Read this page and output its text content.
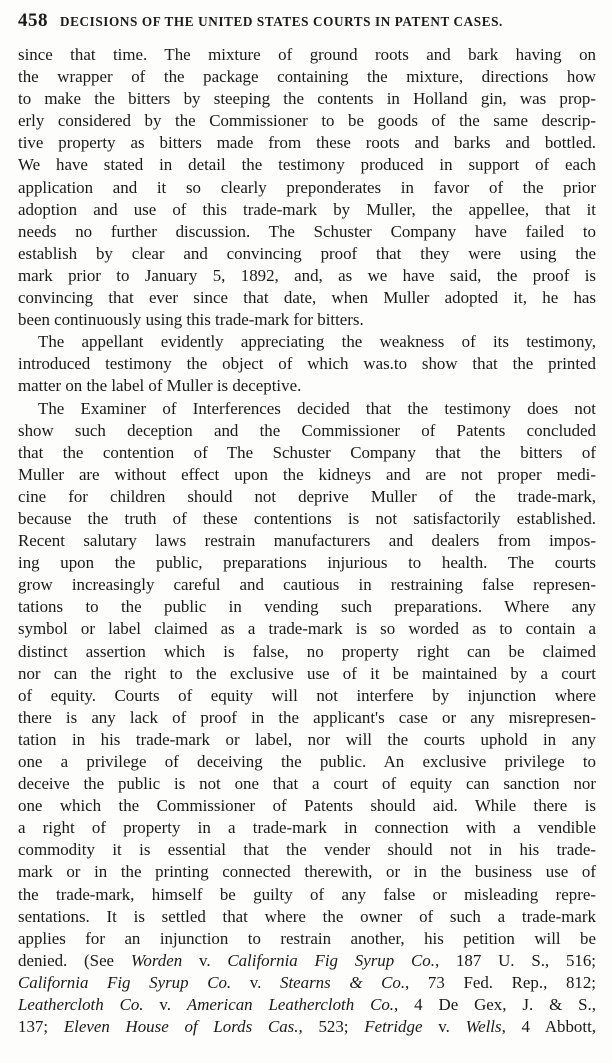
458 DECISIONS OF THE UNITED STATES COURTS IN PATENT CASES.
since that time. The mixture of ground roots and bark having on
the wrapper of the package containing the mixture, directions how
to make the bitters by steeping the contents in Holland gin, was prop-
erly considered by the Commissioner to be goods of the same descrip-
tive property as bitters made from these roots and barks and bottled.
We have stated in detail the testimony produced in support of each
application and it so clearly preponderates in favor of the prior
adoption and use of this trade-mark by Muller, the appellee, that it
needs no further discussion. The Schuster Company have failed to
establish by clear and convincing proof that they were using the
mark prior to January 5, 1892, and, as we have said, the proof is
convincing that ever since that date, when Muller adopted it, he has
been continuously using this trade-mark for bitters.
The appellant evidently appreciating the weakness of its testimony,
introduced testimony the object of which was.to show that the printed
matter on the label of Muller is deceptive.
The Examiner of Interferences decided that the testimony does not
show such deception and the Commissioner of Patents concluded
that the contention of The Schuster Company that the bitters of
Muller are without effect upon the kidneys and are not proper medi-
cine for children should not deprive Muller of the trade-mark,
because the truth of these contentions is not satisfactorily established.
Recent salutary laws restrain manufacturers and dealers from impos-
ing upon the public, preparations injurious to health. The courts
grow increasingly careful and cautious in restraining false represen-
tations to the public in vending such preparations. Where any
symbol or label claimed as a trade-mark is so worded as to contain a
distinct assertion which is false, no property right can be claimed
nor can the right to the exclusive use of it be maintained by a court
of equity. Courts of equity will not interfere by injunction where
there is any lack of proof in the applicant's case or any misrepresen-
tation in his trade-mark or label, nor will the courts uphold in any
one a privilege of deceiving the public. An exclusive privilege to
deceive the public is not one that a court of equity can sanction nor
one which the Commissioner of Patents should aid. While there is
a right of property in a trade-mark in connection with a vendible
commodity it is essential that the vender should not in his trade-
mark or in the printing connected therewith, or in the business use of
the trade-mark, himself be guilty of any false or misleading repre-
sentations. It is settled that where the owner of such a trade-mark
applies for an injunction to restrain another, his petition will be
denied. (See Worden v. California Fig Syrup Co., 187 U. S., 516;
California Fig Syrup Co. v. Stearns & Co., 73 Fed. Rep., 812;
Leathercloth Co. v. American Leathercloth Co., 4 De Gex, J. & S.,
137; Eleven House of Lords Cas., 523; Fetridge v. Wells, 4 Abbott,
